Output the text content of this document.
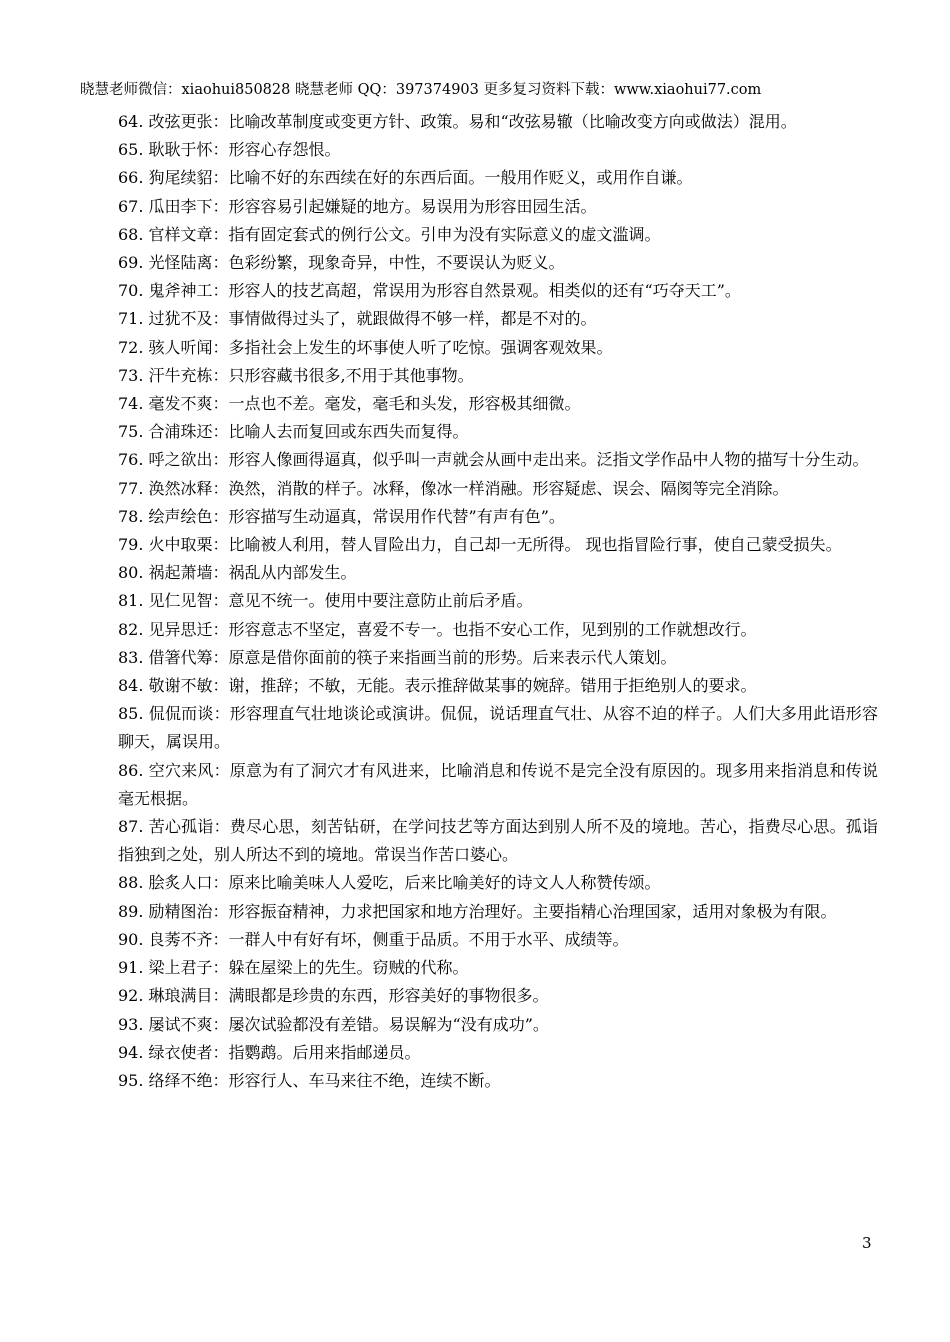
晓慧老师微信：xiaohui850828 晓慧老师 QQ：397374903 更多复习资料下载：www.xiaohui77.com

64. 改弦更张：比喻改革制度或变更方针、政策。易和“改弦易辙（比喻改变方向或做法）混用。

65. 耿耿于怀：形容心存怨恨。

66. 狗尾续貂：比喻不好的东西续在好的东西后面。一般用作贬义，或用作自谦。

67. 瓜田李下：形容容易引起嫌疑的地方。易误用为形容田园生活。

68. 官样文章：指有固定套式的例行公文。引申为没有实际意义的虚文滥调。

69. 光怪陆离：色彩纷繁，现象奇异，中性，不要误认为贬义。

70. 鬼斧神工：形容人的技艺高超，常误用为形容自然景观。相类似的还有“巧夺天工”。

71. 过犹不及：事情做得过头了，就跟做得不够一样，都是不对的。

72. 骇人听闻：多指社会上发生的坏事使人听了吃惊。强调客观效果。

73. 汗牛充栋：只形容藏书很多,不用于其他事物。

74. 毫发不爽：一点也不差。毫发，毫毛和头发，形容极其细微。

75. 合浦珠还：比喻人去而复回或东西失而复得。

76. 呼之欲出：形容人像画得逼真，似乎叫一声就会从画中走出来。泛指文学作品中人物的描写十分生动。

77. 涣然冰释：涣然，消散的样子。冰释，像冰一样消融。形容疑虑、误会、隔阂等完全消除。

78. 绘声绘色：形容描写生动逼真，常误用作代替”有声有色”。

79. 火中取栗：比喻被人利用，替人冒险出力，自己却一无所得。 现也指冒险行事，使自己蒙受损失。

80. 祸起萧墙：祸乱从内部发生。

81. 见仁见智：意见不统一。使用中要注意防止前后矛盾。

82. 见异思迁：形容意志不坚定，喜爱不专一。也指不安心工作，见到别的工作就想改行。

83. 借箸代筹：原意是借你面前的筷子来指画当前的形势。后来表示代人策划。

84. 敬谢不敏：谢，推辞；不敏，无能。表示推辞做某事的婉辞。错用于拒绝别人的要求。

85. 侃侃而谈：形容理直气壮地谈论或演讲。侃侃，说话理直气壮、从容不迫的样子。人们大多用此语形容聊天，属误用。

86. 空穴来风：原意为有了洞穴才有风进来，比喻消息和传说不是完全没有原因的。现多用来指消息和传说毫无根据。

87. 苦心孤诣：费尽心思，刻苦钻研，在学问技艺等方面达到别人所不及的境地。苦心，指费尽心思。孤诣指独到之处，别人所达不到的境地。常误当作苦口婆心。

88. 脍炙人口：原来比喻美味人人爱吃，后来比喻美好的诗文人人称赞传颂。

89. 励精图治：形容振奋精神，力求把国家和地方治理好。主要指精心治理国家，适用对象极为有限。

90. 良莠不齐：一群人中有好有坏，侧重于品质。不用于水平、成绩等。

91. 梁上君子：躲在屋梁上的先生。窃贼的代称。

92. 琳琅满目：满眼都是珍贵的东西，形容美好的事物很多。

93. 屡试不爽：屡次试验都没有差错。易误解为“没有成功”。

94. 绿衣使者：指鹦鹉。后用来指邮递员。

95. 络绎不绝：形容行人、车马来往不绝，连续不断。

3
